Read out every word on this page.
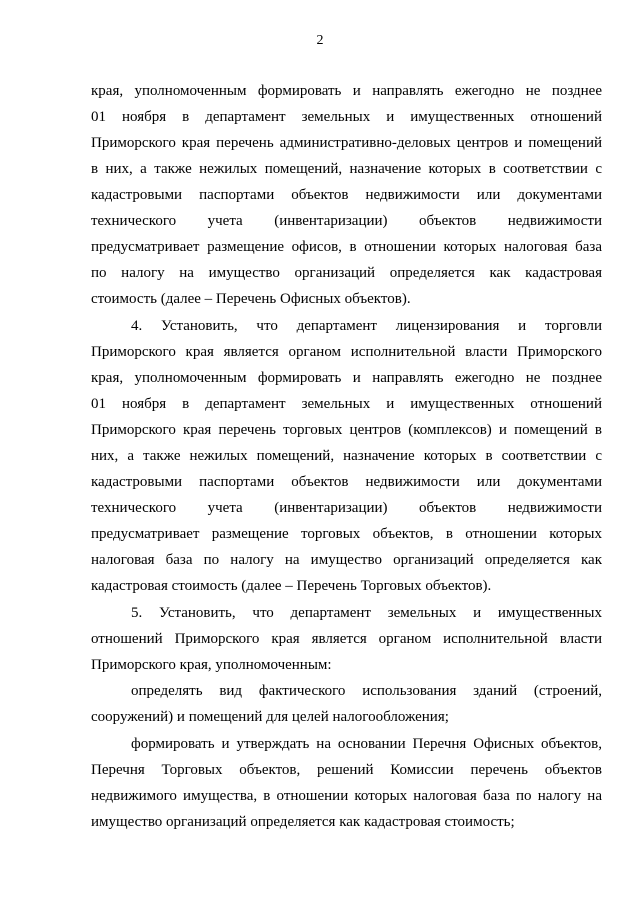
2
края, уполномоченным формировать и направлять ежегодно не позднее
01 ноября в департамент земельных и имущественных отношений
Приморского края перечень административно-деловых центров и помещений
в них, а также нежилых помещений, назначение которых в соответствии с
кадастровыми паспортами объектов недвижимости или документами
технического учета (инвентаризации) объектов недвижимости
предусматривает размещение офисов, в отношении которых налоговая база
по налогу на имущество организаций определяется как кадастровая
стоимость (далее – Перечень Офисных объектов).
4. Установить, что департамент лицензирования и торговли
Приморского края является органом исполнительной власти Приморского
края, уполномоченным формировать и направлять ежегодно не позднее
01 ноября в департамент земельных и имущественных отношений
Приморского края перечень торговых центров (комплексов) и помещений в
них, а также нежилых помещений, назначение которых в соответствии с
кадастровыми паспортами объектов недвижимости или документами
технического учета (инвентаризации) объектов недвижимости
предусматривает размещение торговых объектов, в отношении которых
налоговая база по налогу на имущество организаций определяется как
кадастровая стоимость (далее – Перечень Торговых объектов).
5. Установить, что департамент земельных и имущественных
отношений Приморского края является органом исполнительной власти
Приморского края, уполномоченным:
определять вид фактического использования зданий (строений,
сооружений) и помещений для целей налогообложения;
формировать и утверждать на основании Перечня Офисных объектов,
Перечня Торговых объектов, решений Комиссии перечень объектов
недвижимого имущества, в отношении которых налоговая база по налогу на
имущество организаций определяется как кадастровая стоимость;
